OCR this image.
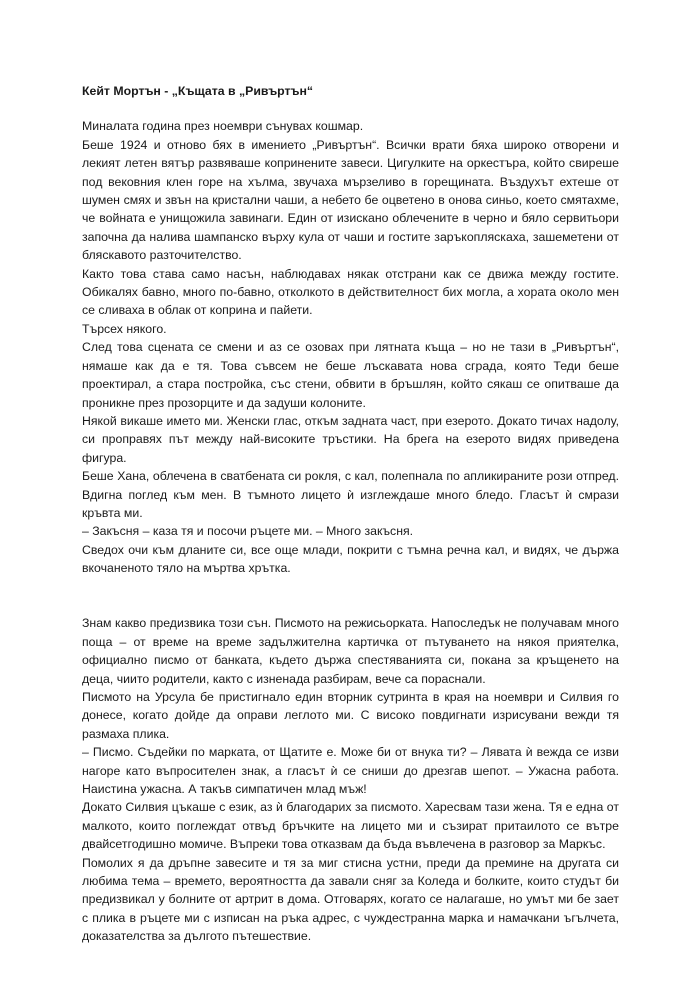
Кейт Мортън - „Къщата в „Ривъртън“

Миналата година през ноември сънувах кошмар.

Беше 1924 и отново бях в имението „Ривъртън“. Всички врати бяха широко отворени и лекият летен вятър развяваше копринените завеси. Цигулките на оркестъра, който свиреше под вековния клен горе на хълма, звучаха мързеливо в горещината. Въздухът ехтеше от шумен смях и звън на кристални чаши, а небето бе оцветено в онова синьо, което смятахме, че войната е унищожила завинаги. Един от изискано облечените в черно и бяло сервитьори започна да налива шампанско върху кула от чаши и гостите заръкопляскаха, зашеметени от бляскавото разточителство.

Както това става само насън, наблюдавах някак отстрани как се движа между гостите. Обикалях бавно, много по-бавно, отколкото в действителност бих могла, а хората около мен се сливаха в облак от коприна и пайети.

Търсех някого.

След това сцената се смени и аз се озовах при лятната къща – но не тази в „Ривъртън“, нямаше как да е тя. Това съвсем не беше лъскавата нова сграда, която Теди беше проектирал, а стара постройка, със стени, обвити в бръшлян, който сякаш се опитваше да проникне през прозорците и да задуши колоните.

Някой викаше името ми. Женски глас, откъм задната част, при езерото. Докато тичах надолу, си проправях път между най-високите тръстики. На брега на езерото видях приведена фигура.

Беше Хана, облечена в сватбената си рокля, с кал, полепнала по апликираните рози отпред. Вдигна поглед към мен. В тъмното лицето ѝ изглеждаше много бледо. Гласът ѝ смрази кръвта ми.

– Закъсня – каза тя и посочи ръцете ми. – Много закъсня.

Сведох очи към дланите си, все още млади, покрити с тъмна речна кал, и видях, че държа вкочаненото тяло на мъртва хрътка.

Знам какво предизвика този сън. Писмото на режисьорката. Напоследък не получавам много поща – от време на време задължителна картичка от пътуването на някоя приятелка, официално писмо от банката, където държа спестяванията си, покана за кръщенето на деца, чиито родители, както с изненада разбирам, вече са пораснали.

Писмото на Урсула бе пристигнало един вторник сутринта в края на ноември и Силвия го донесе, когато дойде да оправи леглото ми. С високо повдигнати изрисувани вежди тя размаха плика.

– Писмо. Съдейки по марката, от Щатите е. Може би от внука ти? – Лявата ѝ вежда се изви нагоре като въпросителен знак, а гласът ѝ се сниши до дрезгав шепот. – Ужасна работа. Наистина ужасна. А такъв симпатичен млад мъж!

Докато Силвия цъкаше с език, аз ѝ благодарих за писмото. Харесвам тази жена. Тя е една от малкото, които поглеждат отвъд бръчките на лицето ми и съзират притаилото се вътре двайсетгодишно момиче. Въпреки това отказвам да бъда въвлечена в разговор за Маркъс.

Помолих я да дръпне завесите и тя за миг стисна устни, преди да премине на другата си любима тема – времето, вероятността да завали сняг за Коледа и болките, които студът би предизвикал у болните от артрит в дома. Отговарях, когато се налагаше, но умът ми бе зает с плика в ръцете ми с изписан на ръка адрес, с чуждестранна марка и намачкани ъгълчета, доказателства за дългото пътешествие.
